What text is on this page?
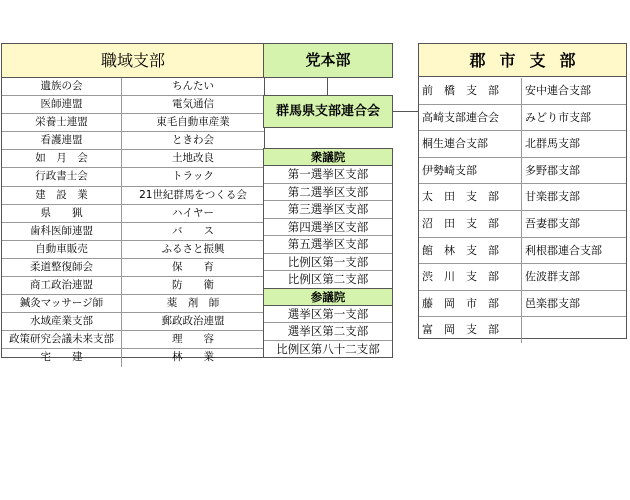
職域支部
遺族の会	ちんたい
医師連盟	電気通信
栄養士連盟	東毛自動車産業
看護連盟	ときわ会
如　月　会	土地改良
行政書士会	トラック
建　設　業	21世紀群馬をつくる会
県　　猟	ハイヤー
歯科医師連盟	バ　　ス
自動車販売	ふるさと振興
柔道整復師会	保　　育
商工政治連盟	防　　衛
鍼灸マッサージ師	薬　剤　師
水域産業支部	郵政政治連盟
政策研究会議未来支部	理　　容
宅　　建	林　　業
党本部
群馬県支部連合会
衆議院
第一選挙区支部
第二選挙区支部
第三選挙区支部
第四選挙区支部
第五選挙区支部
比例区第一支部
比例区第二支部
参議院
選挙区第一支部
選挙区第二支部
比例区第八十二支部
郡市支部
前　橋　支　部	安中連合支部
高崎支部連合会	みどり市支部
桐生連合支部	北群馬支部
伊勢崎支部	多野郡支部
太　田　支　部	甘楽郡支部
沼　田　支　部	吾妻郡支部
館　林　支　部	利根郡連合支部
渋　川　支　部	佐波群支部
藤　岡　市　部	邑楽郡支部
富　岡　支　部
